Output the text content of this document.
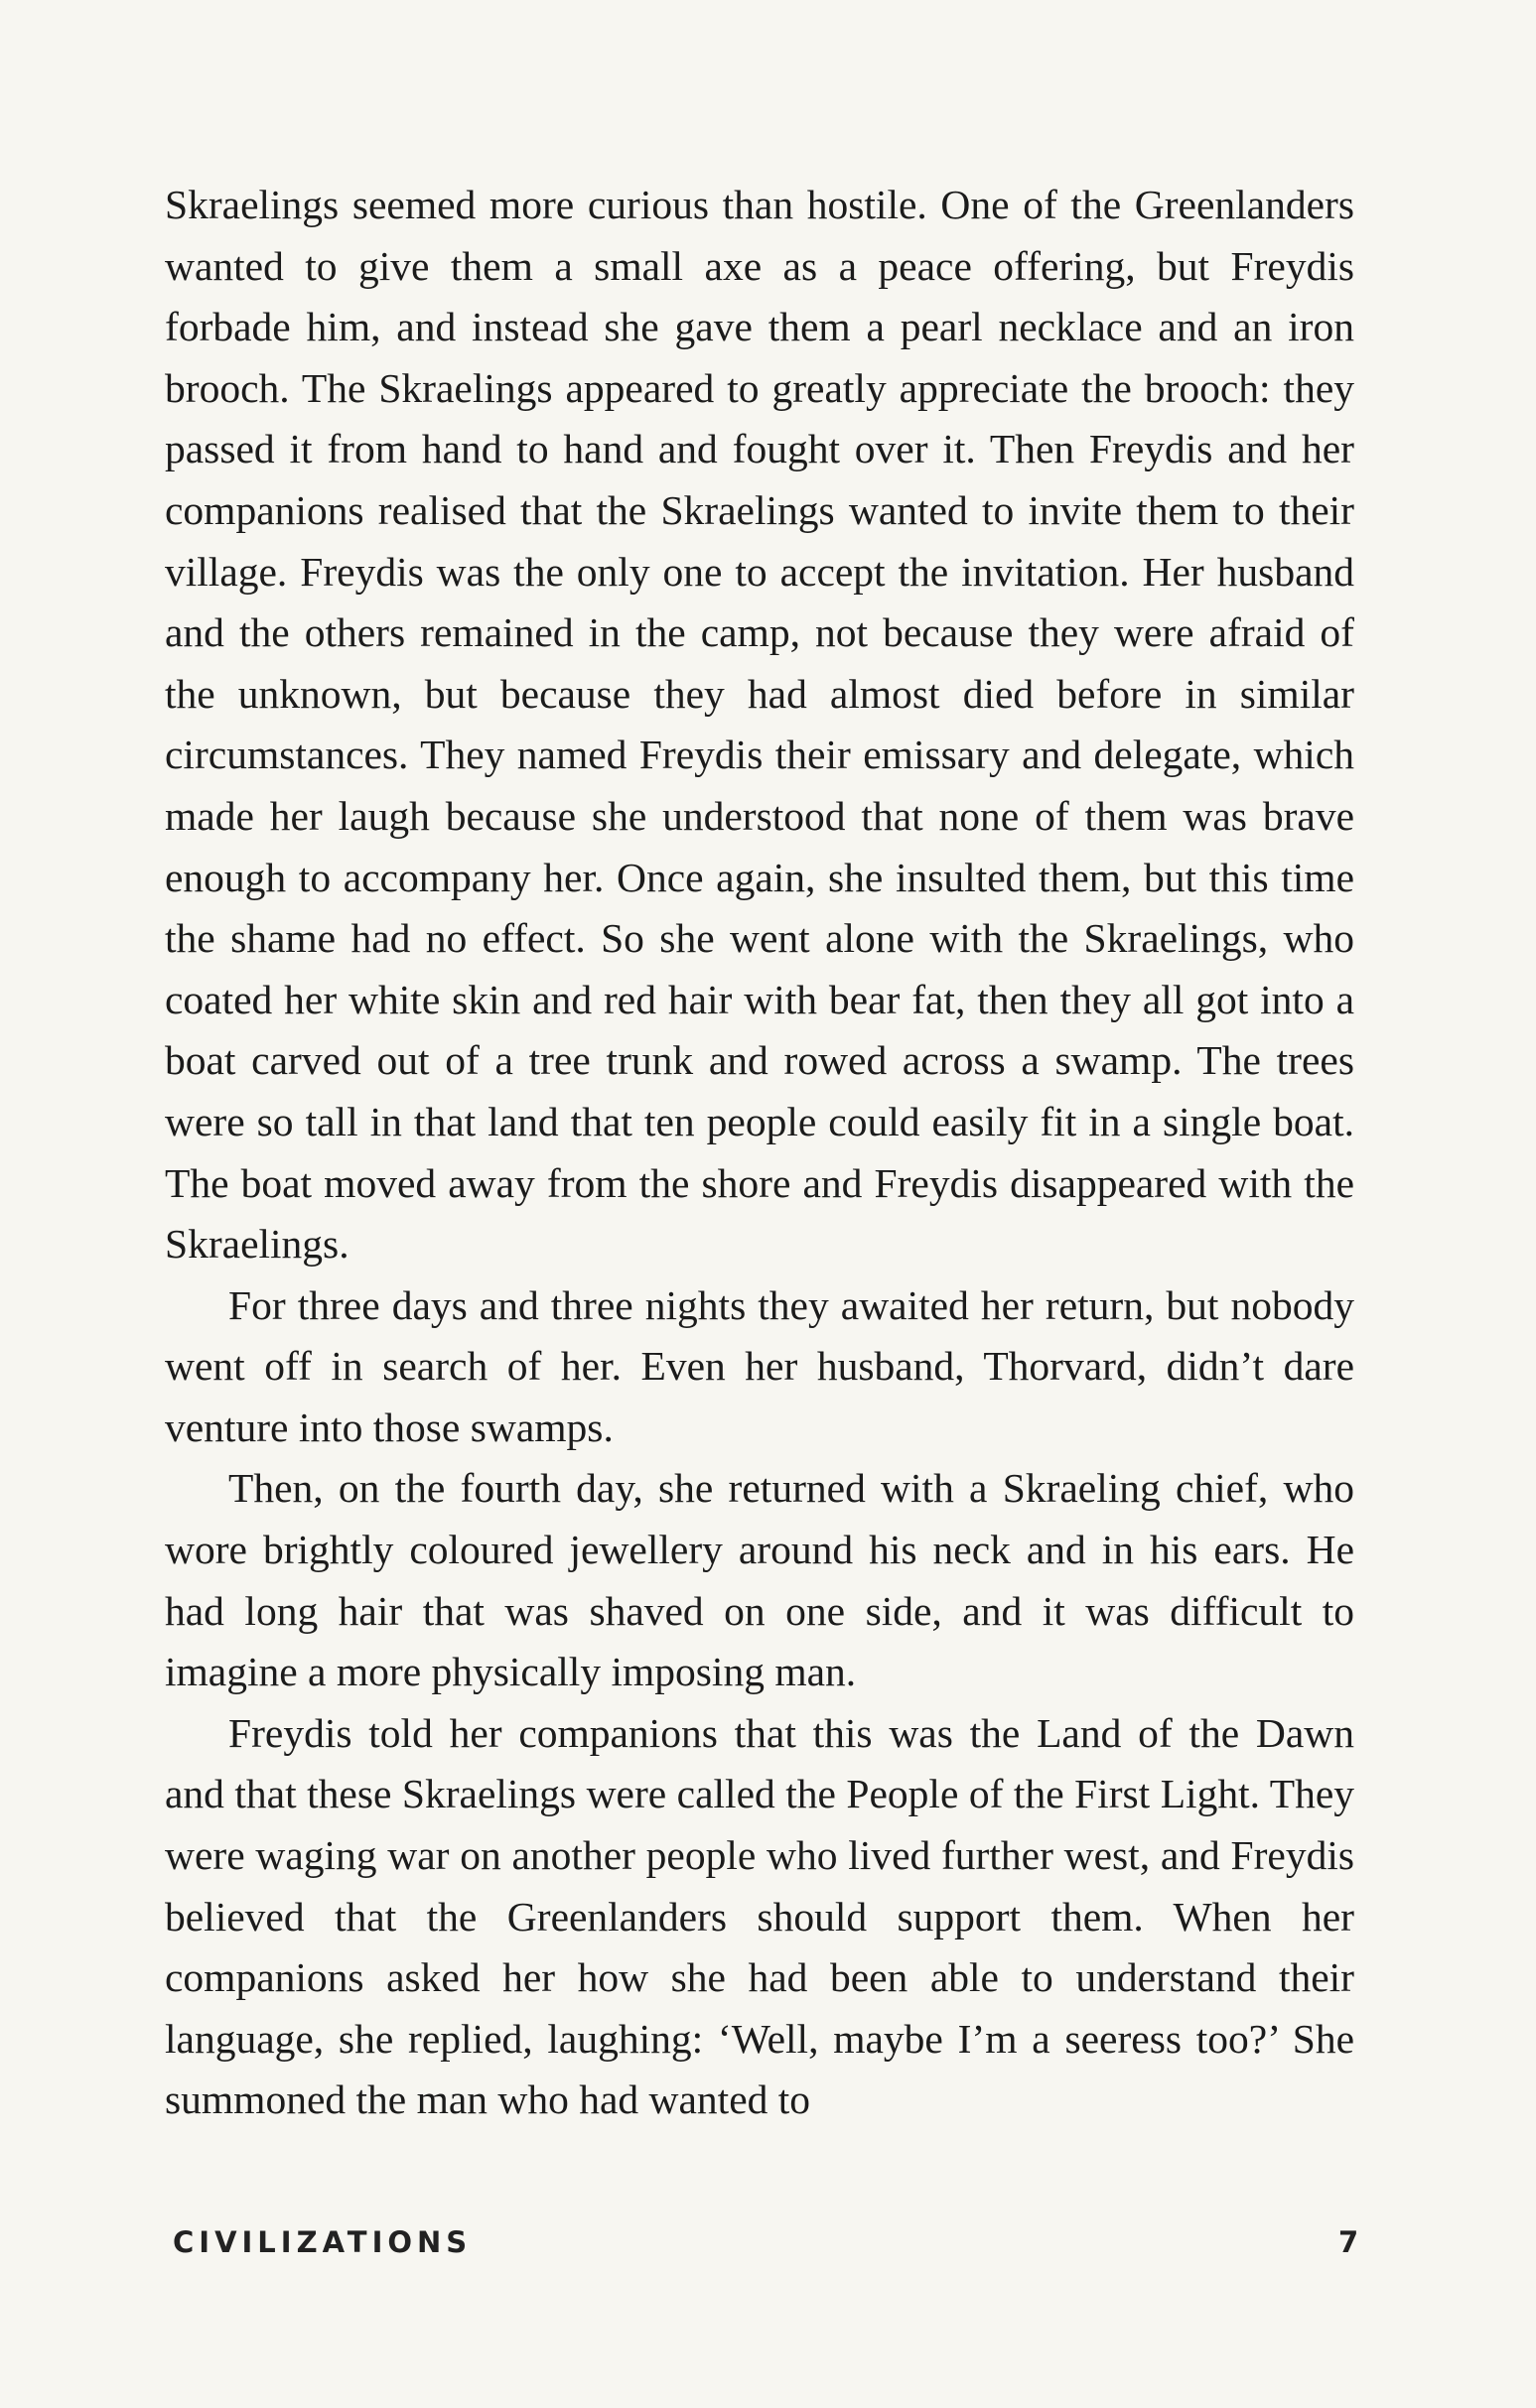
Skraelings seemed more curious than hostile. One of the Greenlanders wanted to give them a small axe as a peace offering, but Freydis forbade him, and instead she gave them a pearl necklace and an iron brooch. The Skraelings appeared to greatly appreciate the brooch: they passed it from hand to hand and fought over it. Then Freydis and her companions realised that the Skraelings wanted to invite them to their village. Freydis was the only one to accept the invitation. Her husband and the others remained in the camp, not because they were afraid of the unknown, but because they had almost died before in similar circumstances. They named Freydis their emissary and delegate, which made her laugh because she understood that none of them was brave enough to accompany her. Once again, she insulted them, but this time the shame had no effect. So she went alone with the Skraelings, who coated her white skin and red hair with bear fat, then they all got into a boat carved out of a tree trunk and rowed across a swamp. The trees were so tall in that land that ten people could easily fit in a single boat. The boat moved away from the shore and Freydis disappeared with the Skraelings.

For three days and three nights they awaited her return, but nobody went off in search of her. Even her husband, Thorvard, didn’t dare venture into those swamps.

Then, on the fourth day, she returned with a Skraeling chief, who wore brightly coloured jewellery around his neck and in his ears. He had long hair that was shaved on one side, and it was difficult to imagine a more physically imposing man.

Freydis told her companions that this was the Land of the Dawn and that these Skraelings were called the People of the First Light. They were waging war on another people who lived further west, and Freydis believed that the Greenlanders should support them. When her companions asked her how she had been able to understand their language, she replied, laughing: ‘Well, maybe I’m a seeress too?’ She summoned the man who had wanted to

CIVILIZATIONS	7
